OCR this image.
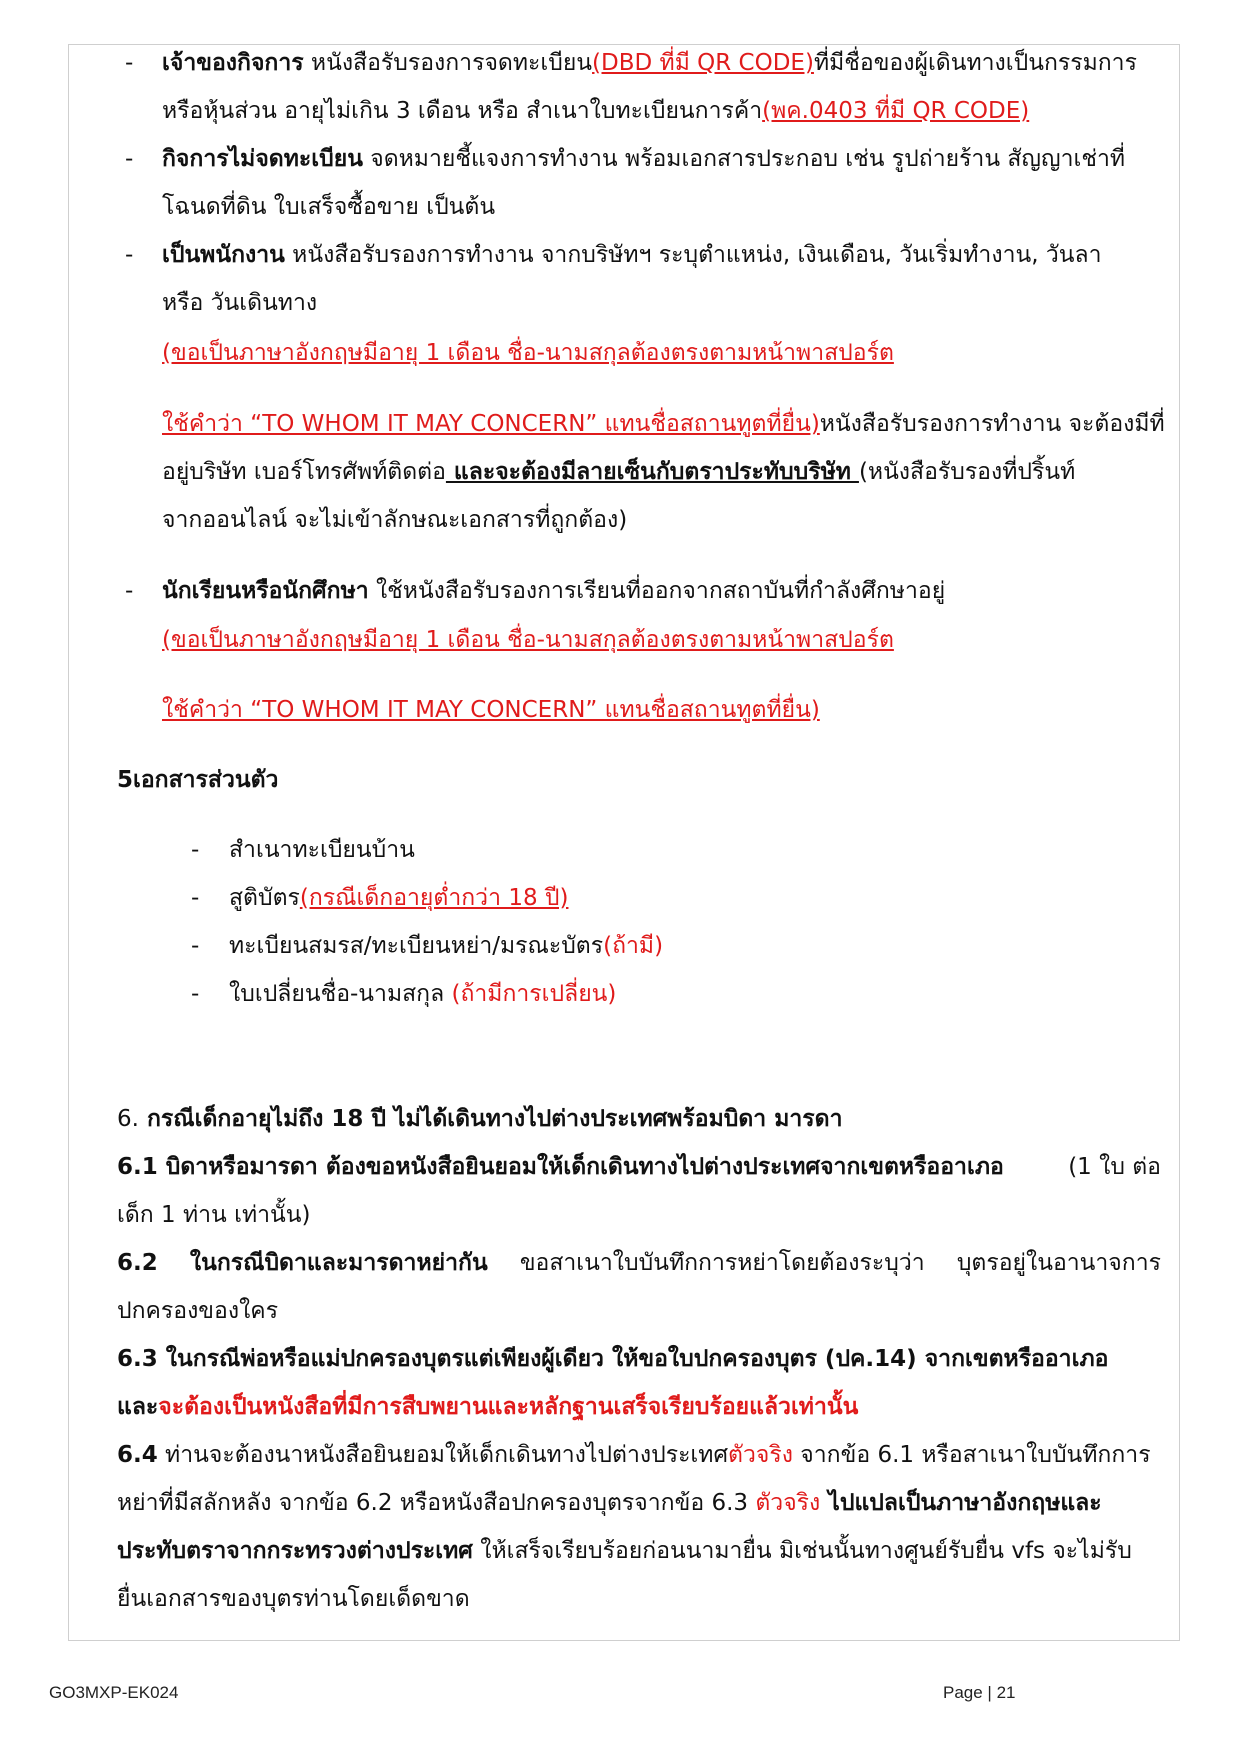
- เจ้าของกิจการ หนังสือรับรองการจดทะเบียน(DBD ที่มี QR CODE)ที่มีชื่อของผู้เดินทางเป็นกรรมการ
หรือหุ้นส่วน อายุไม่เกิน 3 เดือน หรือ สำเนาใบทะเบียนการค้า(พค.0403 ที่มี QR CODE)
- กิจการไม่จดทะเบียน จดหมายชี้แจงการทำงาน พร้อมเอกสารประกอบ เช่น รูปถ่ายร้าน สัญญาเช่าที่
โฉนดที่ดิน ใบเสร็จซื้อขาย เป็นต้น
- เป็นพนักงาน หนังสือรับรองการทำงาน จากบริษัทฯ ระบุตำแหน่ง, เงินเดือน, วันเริ่มทำงาน, วันลา
หรือ วันเดินทาง
(ขอเป็นภาษาอังกฤษมีอายุ 1 เดือน ชื่อ-นามสกุลต้องตรงตามหน้าพาสปอร์ต
ใช้คำว่า “TO WHOM IT MAY CONCERN” แทนชื่อสถานทูตที่ยื่น)หนังสือรับรองการทำงาน จะต้องมีที่
อยู่บริษัท เบอร์โทรศัพท์ติดต่อ และจะต้องมีลายเซ็นกับตราประทับบริษัท (หนังสือรับรองที่ปริ้นท์
จากออนไลน์ จะไม่เข้าลักษณะเอกสารที่ถูกต้อง)
- นักเรียนหรือนักศึกษา ใช้หนังสือรับรองการเรียนที่ออกจากสถาบันที่กำลังศึกษาอยู่
(ขอเป็นภาษาอังกฤษมีอายุ 1 เดือน ชื่อ-นามสกุลต้องตรงตามหน้าพาสปอร์ต
ใช้คำว่า “TO WHOM IT MAY CONCERN” แทนชื่อสถานทูตที่ยื่น)
5เอกสารส่วนตัว
- สำเนาทะเบียนบ้าน
- สูติบัตร(กรณีเด็กอายุต่ำกว่า 18 ปี)
- ทะเบียนสมรส/ทะเบียนหย่า/มรณะบัตร(ถ้ามี)
- ใบเปลี่ยนชื่อ-นามสกุล (ถ้ามีการเปลี่ยน)
6. กรณีเด็กอายุไม่ถึง 18 ปี ไม่ได้เดินทางไปต่างประเทศพร้อมบิดา มารดา
6.1 บิดาหรือมารดา ต้องขอหนังสือยินยอมให้เด็กเดินทางไปต่างประเทศจากเขตหรืออาเภอ	(1 ใบ ต่อ
เด็ก 1 ท่าน เท่านั้น)
6.2 ในกรณีบิดาและมารดาหย่ากัน ขอสาเนาใบบันทึกการหย่าโดยต้องระบุว่า บุตรอยู่ในอานาจการ
ปกครองของใคร
6.3 ในกรณีพ่อหรือแม่ปกครองบุตรแต่เพียงผู้เดียว ให้ขอใบปกครองบุตร (ปค.14) จากเขตหรืออาเภอ
และจะต้องเป็นหนังสือที่มีการสืบพยานและหลักฐานเสร็จเรียบร้อยแล้วเท่านั้น
6.4 ท่านจะต้องนาหนังสือยินยอมให้เด็กเดินทางไปต่างประเทศตัวจริง จากข้อ 6.1 หรือสาเนาใบบันทึกการ
หย่าที่มีสลักหลัง จากข้อ 6.2 หรือหนังสือปกครองบุตรจากข้อ 6.3 ตัวจริง ไปแปลเป็นภาษาอังกฤษและ
ประทับตราจากกระทรวงต่างประเทศ ให้เสร็จเรียบร้อยก่อนนามายื่น มิเช่นนั้นทางศูนย์รับยื่น vfs จะไม่รับ
ยื่นเอกสารของบุตรท่านโดยเด็ดขาด
GO3MXP-EK024	Page | 21
